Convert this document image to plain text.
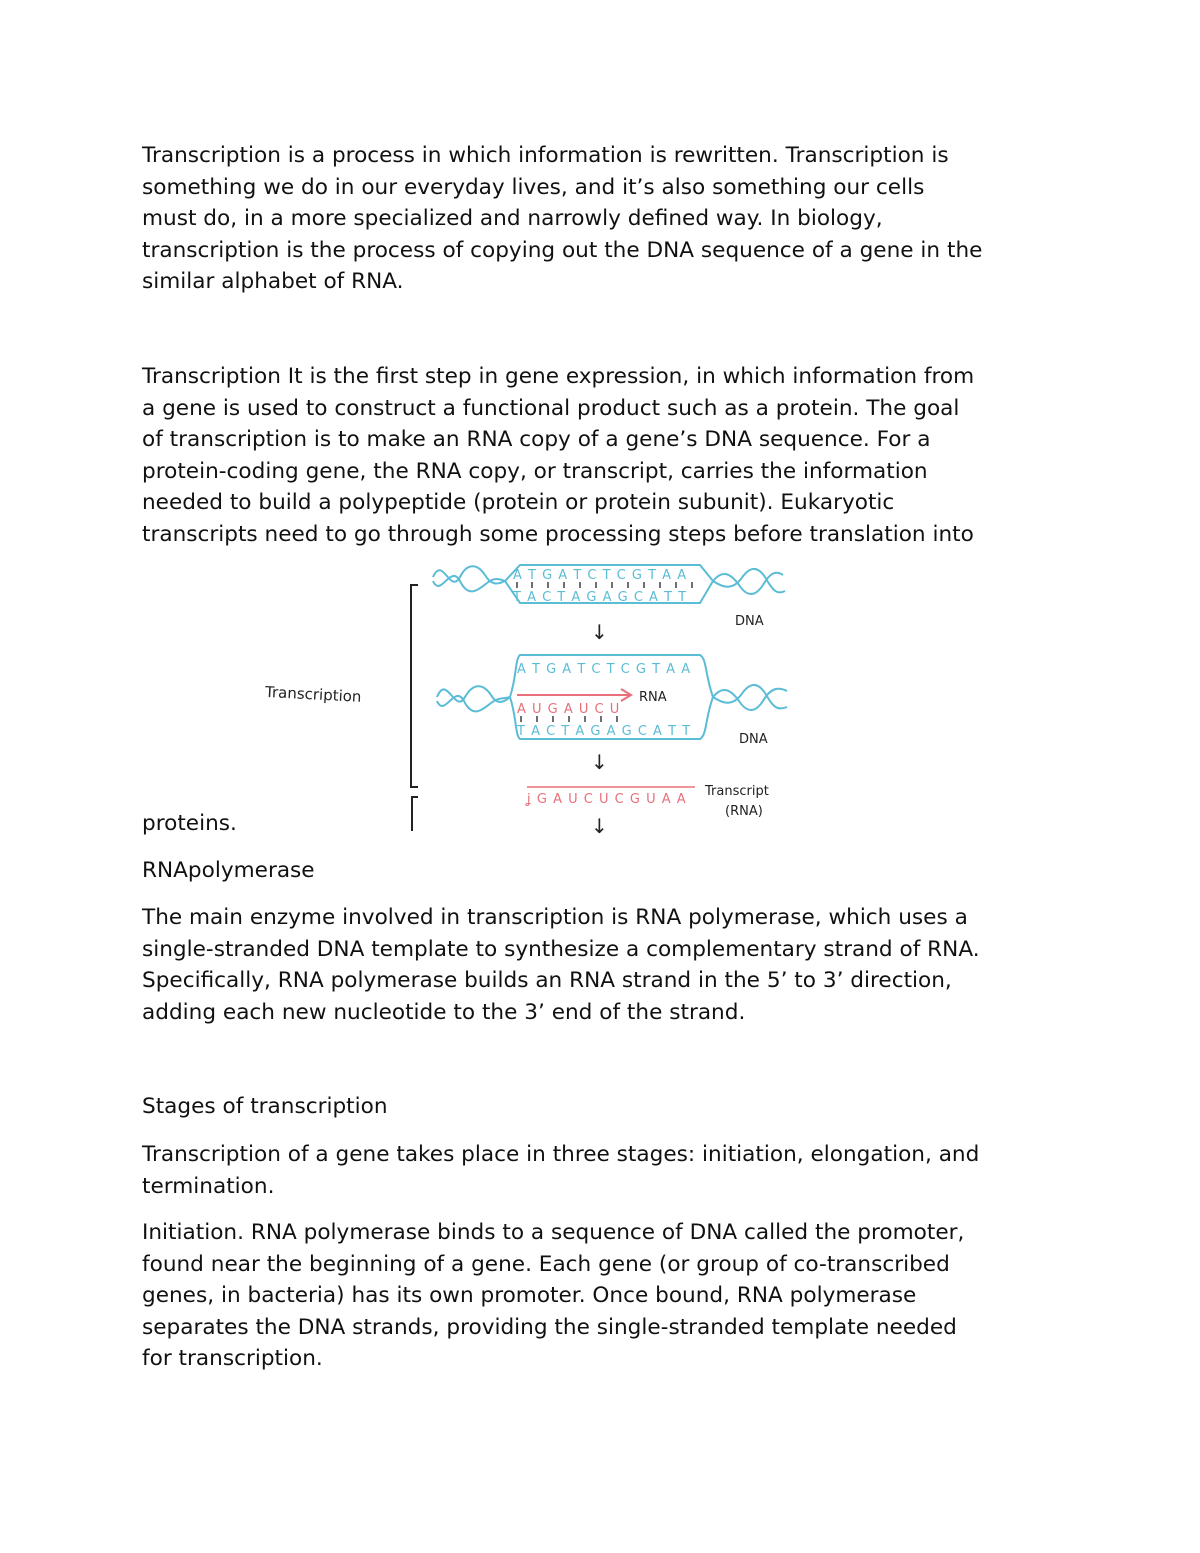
Transcription is a process in which information is rewritten. Transcription is
something we do in our everyday lives, and it’s also something our cells
must do, in a more specialized and narrowly defined way. In biology,
transcription is the process of copying out the DNA sequence of a gene in the
similar alphabet of RNA.

Transcription It is the first step in gene expression, in which information from
a gene is used to construct a functional product such as a protein. The goal
of transcription is to make an RNA copy of a gene’s DNA sequence. For a
protein-coding gene, the RNA copy, or transcript, carries the information
needed to build a polypeptide (protein or protein subunit). Eukaryotic
transcripts need to go through some processing steps before translation into

Transcription
A T G A T C T C G T A A
T A C T A G A G C A T T
DNA
↓
A T G A T C T C G T A A
A U G A U C U
RNA
T A C T A G A G C A T T
DNA
↓
ʝ G A U C U C G U A A
Transcript
(RNA)
↓

proteins.

RNApolymerase

The main enzyme involved in transcription is RNA polymerase, which uses a
single-stranded DNA template to synthesize a complementary strand of RNA.
Specifically, RNA polymerase builds an RNA strand in the 5’ to 3’ direction,
adding each new nucleotide to the 3’ end of the strand.

Stages of transcription

Transcription of a gene takes place in three stages: initiation, elongation, and
termination.

Initiation. RNA polymerase binds to a sequence of DNA called the promoter,
found near the beginning of a gene. Each gene (or group of co-transcribed
genes, in bacteria) has its own promoter. Once bound, RNA polymerase
separates the DNA strands, providing the single-stranded template needed
for transcription.
